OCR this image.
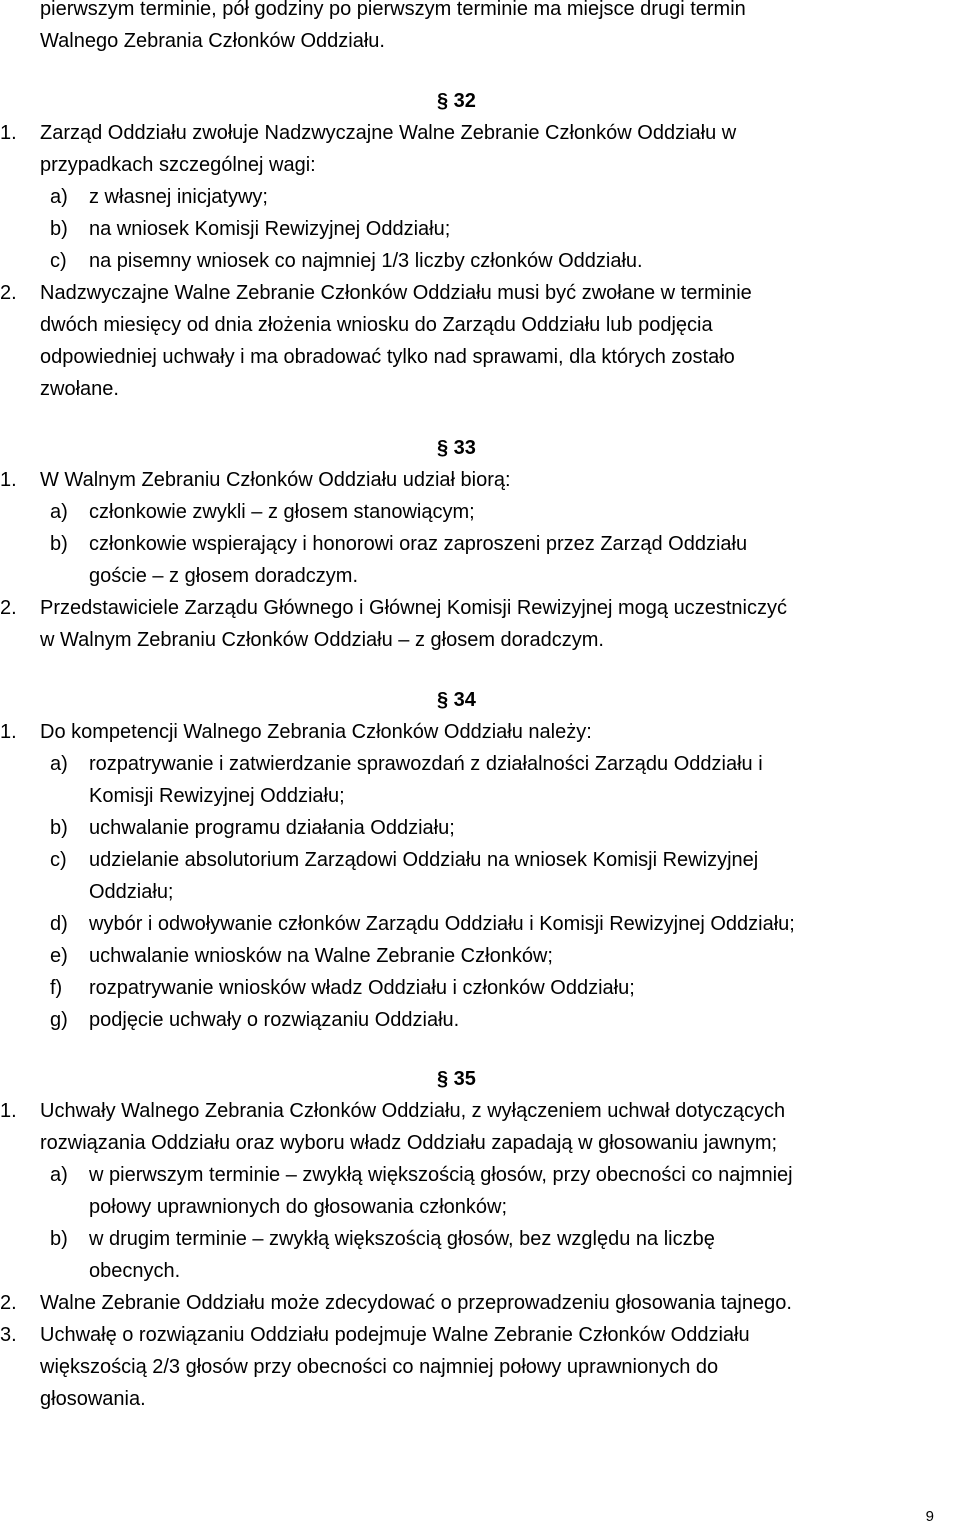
pierwszym terminie, pół godziny po pierwszym terminie ma miejsce drugi termin
Walnego Zebrania Członków Oddziału.
§ 32
1. Zarząd Oddziału zwołuje Nadzwyczajne Walne Zebranie Członków Oddziału w
przypadkach szczególnej wagi:
a) z własnej inicjatywy;
b) na wniosek Komisji Rewizyjnej Oddziału;
c) na pisemny wniosek co najmniej 1/3 liczby członków Oddziału.
2. Nadzwyczajne Walne Zebranie Członków Oddziału musi być zwołane w terminie
dwóch miesięcy od dnia złożenia wniosku do Zarządu Oddziału lub podjęcia
odpowiedniej uchwały i ma obradować tylko nad sprawami, dla których zostało
zwołane.
§ 33
1. W Walnym Zebraniu Członków Oddziału udział biorą:
a) członkowie zwykli – z głosem stanowiącym;
b) członkowie wspierający i honorowi oraz zaproszeni przez Zarząd Oddziału
goście – z głosem doradczym.
2. Przedstawiciele Zarządu Głównego i Głównej Komisji Rewizyjnej mogą uczestniczyć
w Walnym Zebraniu Członków Oddziału – z głosem doradczym.
§ 34
1. Do kompetencji Walnego Zebrania Członków Oddziału należy:
a) rozpatrywanie i zatwierdzanie sprawozdań z działalności Zarządu Oddziału i
Komisji Rewizyjnej Oddziału;
b) uchwalanie programu działania Oddziału;
c) udzielanie absolutorium Zarządowi Oddziału na wniosek Komisji Rewizyjnej
Oddziału;
d) wybór i odwoływanie członków Zarządu Oddziału i Komisji Rewizyjnej Oddziału;
e) uchwalanie wniosków na Walne Zebranie Członków;
f) rozpatrywanie wniosków władz Oddziału i członków Oddziału;
g) podjęcie uchwały o rozwiązaniu Oddziału.
§ 35
1. Uchwały Walnego Zebrania Członków Oddziału, z wyłączeniem uchwał dotyczących
rozwiązania Oddziału oraz wyboru władz Oddziału zapadają w głosowaniu jawnym;
a) w pierwszym terminie – zwykłą większością głosów, przy obecności co najmniej
połowy uprawnionych do głosowania członków;
b) w drugim terminie – zwykłą większością głosów, bez względu na liczbę
obecnych.
2. Walne Zebranie Oddziału może zdecydować o przeprowadzeniu głosowania tajnego.
3. Uchwałę o rozwiązaniu Oddziału podejmuje Walne Zebranie Członków Oddziału
większością 2/3 głosów przy obecności co najmniej połowy uprawnionych do
głosowania.
9
